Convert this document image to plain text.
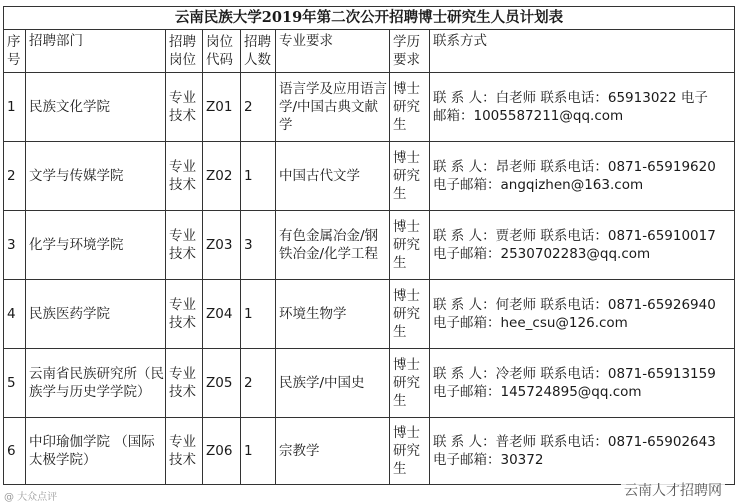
云南民族大学2019年第二次公开招聘博士研究生人员计划表
序号	招聘部门	招聘岗位	岗位代码	招聘人数	专业要求	学历要求	联系方式
1	民族文化学院	专业技术	Z01	2	语言学及应用语言学/中国古典文献学	博士研究生	联 系 人：白老师 联系电话：65913022 电子
邮箱：1005587211@qq.com

2	文学与传媒学院	专业技术	Z02	1	中国古代文学	博士研究生	联 系 人：昂老师 联系电话：0871-65919620
电子邮箱：angqizhen@163.com

3	化学与环境学院	专业技术	Z03	3	有色金属冶金/钢铁冶金/化学工程	博士研究生	联 系 人：贾老师 联系电话：0871-65910017
电子邮箱：2530702283@qq.com

4	民族医药学院	专业技术	Z04	1	环境生物学	博士研究生	联 系 人：何老师 联系电话：0871-65926940
电子邮箱：hee_csu@126.com

5	云南省民族研究所（民族学与历史学学院）	专业技术	Z05	2	民族学/中国史	博士研究生	联 系 人：冷老师 联系电话：0871-65913159
电子邮箱：145724895@qq.com

6	中印瑜伽学院 （国际太极学院）	专业技术	Z06	1	宗教学	博士研究生	联 系 人：普老师 联系电话：0871-65902643
电子邮箱：30372
@ 大众点评	云南人才招聘网
